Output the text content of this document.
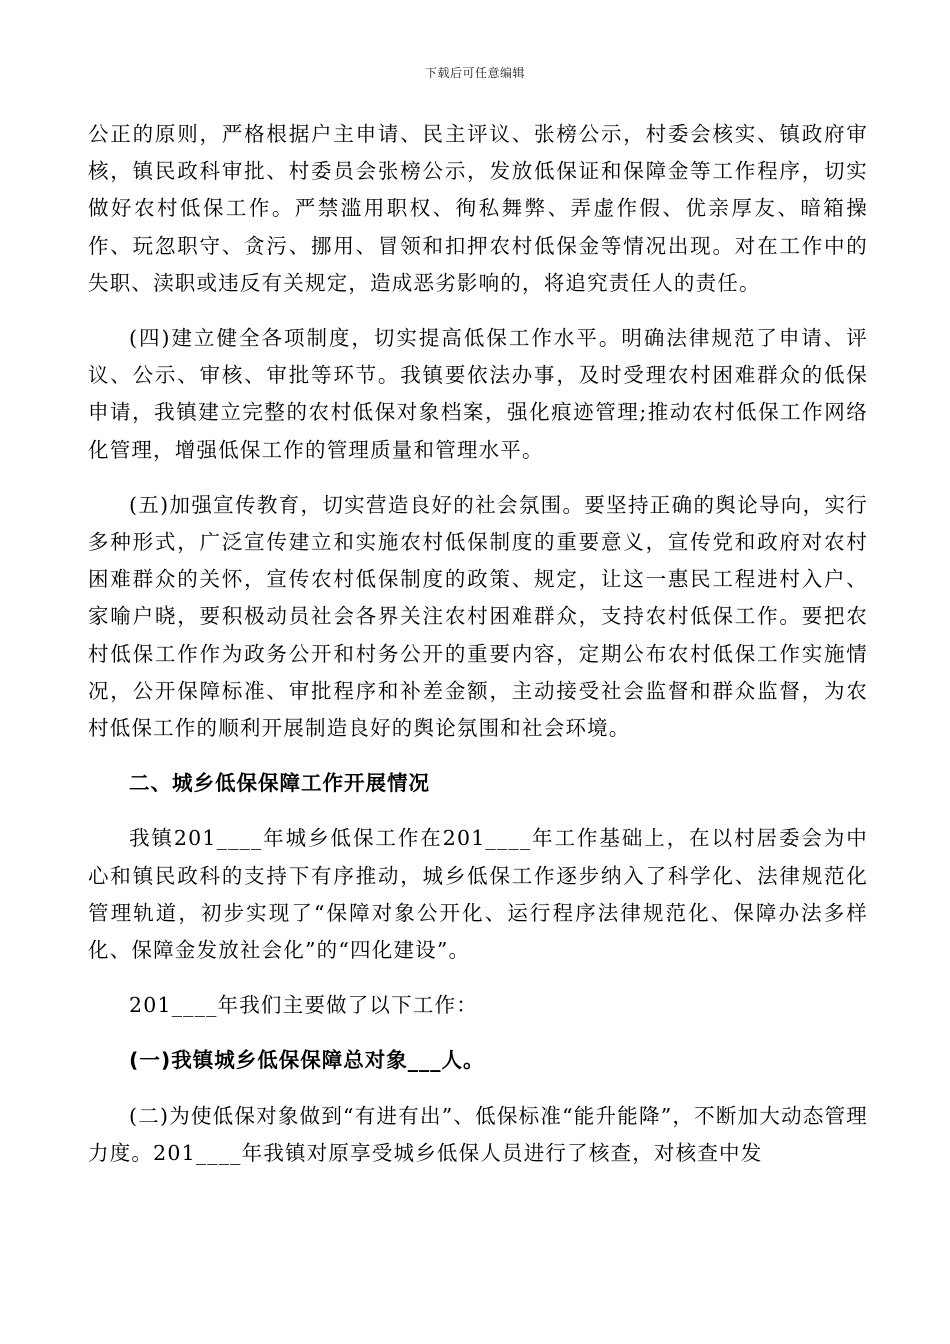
下载后可任意编辑

公正的原则，严格根据户主申请、民主评议、张榜公示，村委会核实、镇政府审核，镇民政科审批、村委员会张榜公示，发放低保证和保障金等工作程序，切实做好农村低保工作。严禁滥用职权、徇私舞弊、弄虚作假、优亲厚友、暗箱操作、玩忽职守、贪污、挪用、冒领和扣押农村低保金等情况出现。对在工作中的失职、渎职或违反有关规定，造成恶劣影响的，将追究责任人的责任。

(四)建立健全各项制度，切实提高低保工作水平。明确法律规范了申请、评议、公示、审核、审批等环节。我镇要依法办事，及时受理农村困难群众的低保申请，我镇建立完整的农村低保对象档案，强化痕迹管理;推动农村低保工作网络化管理，增强低保工作的管理质量和管理水平。

(五)加强宣传教育，切实营造良好的社会氛围。要坚持正确的舆论导向，实行多种形式，广泛宣传建立和实施农村低保制度的重要意义，宣传党和政府对农村困难群众的关怀，宣传农村低保制度的政策、规定，让这一惠民工程进村入户、家喻户晓，要积极动员社会各界关注农村困难群众，支持农村低保工作。要把农村低保工作作为政务公开和村务公开的重要内容，定期公布农村低保工作实施情况，公开保障标准、审批程序和补差金额，主动接受社会监督和群众监督，为农村低保工作的顺利开展制造良好的舆论氛围和社会环境。

二、城乡低保保障工作开展情况

我镇201____年城乡低保工作在201____年工作基础上，在以村居委会为中心和镇民政科的支持下有序推动，城乡低保工作逐步纳入了科学化、法律规范化管理轨道，初步实现了“保障对象公开化、运行程序法律规范化、保障办法多样化、保障金发放社会化”的“四化建设”。

201____年我们主要做了以下工作：

(一)我镇城乡低保保障总对象___人。

(二)为使低保对象做到“有进有出”、低保标准“能升能降”，不断加大动态管理力度。201____年我镇对原享受城乡低保人员进行了核查，对核查中发
